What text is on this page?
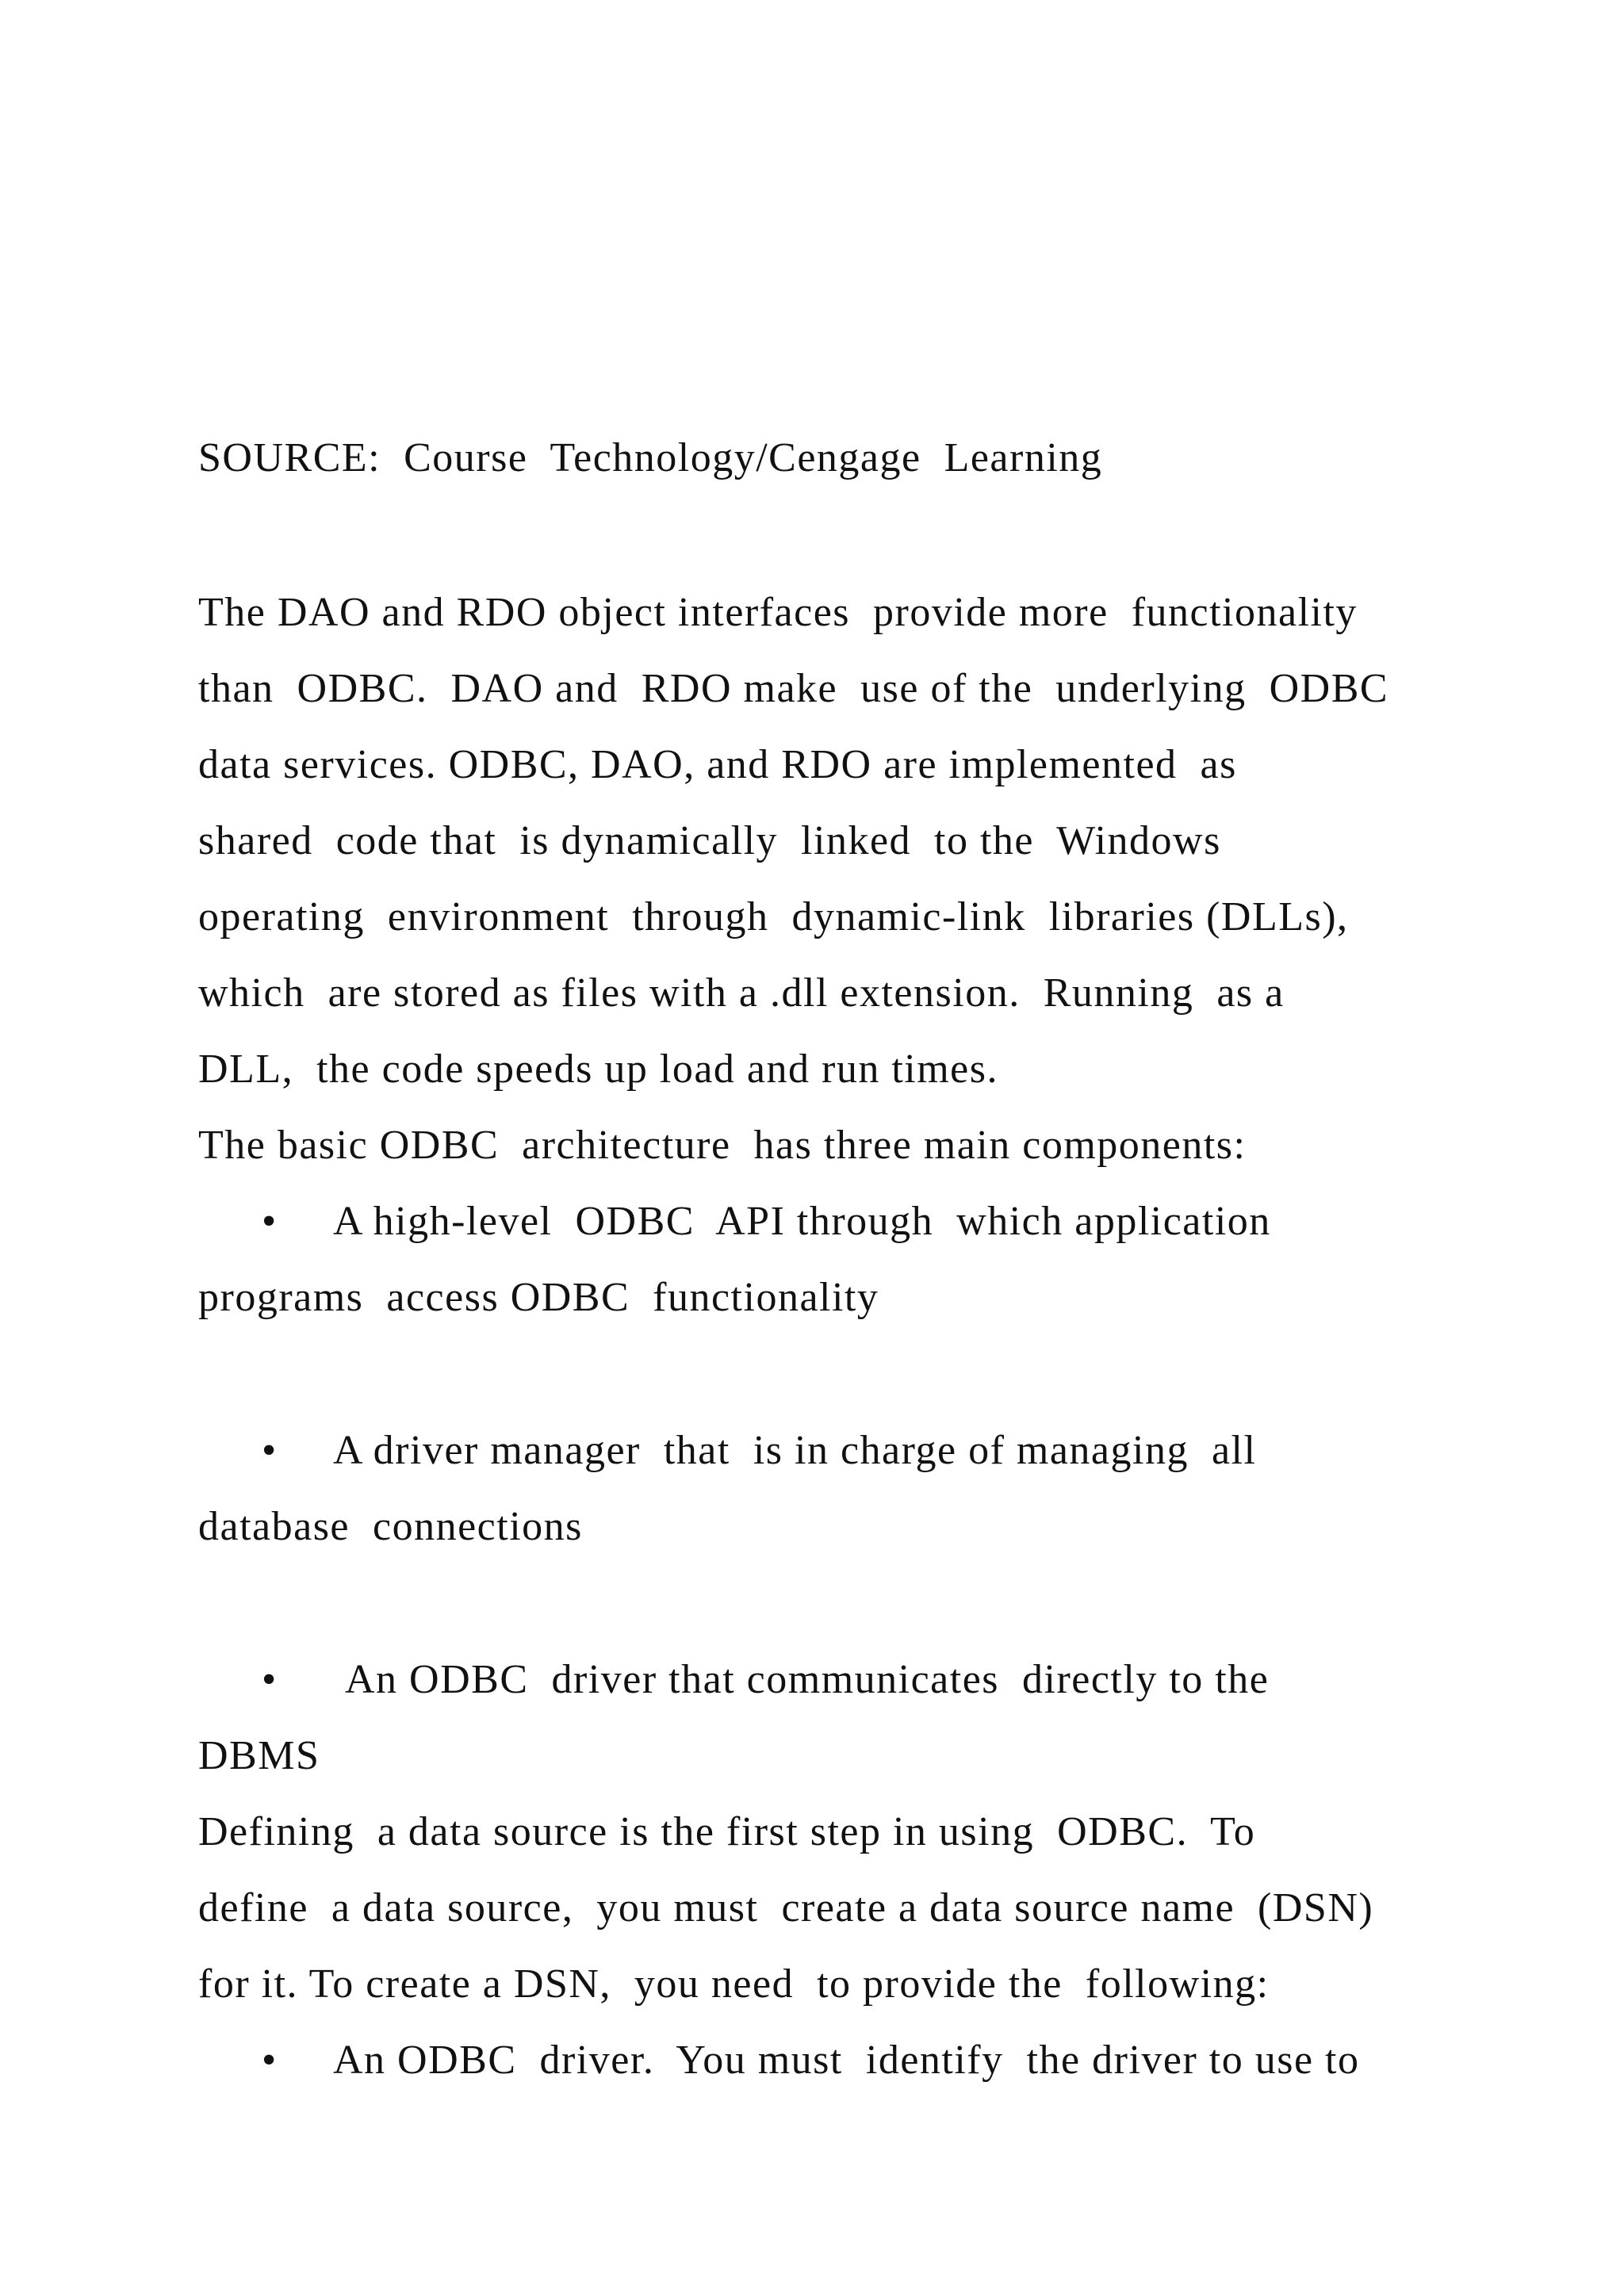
SOURCE:  Course  Technology/Cengage  Learning
The DAO and RDO object interfaces  provide more  functionality
than  ODBC.  DAO and  RDO make  use of the  underlying  ODBC
data services. ODBC, DAO, and RDO are implemented  as
shared  code that  is dynamically  linked  to the  Windows
operating  environment  through  dynamic-link  libraries (DLLs),
which  are stored as files with a .dll extension.  Running  as a
DLL,  the code speeds up load and run times.
The basic ODBC  architecture  has three main components:
• A high-level  ODBC  API through  which application
programs  access ODBC  functionality
• A driver manager  that  is in charge of managing  all
database  connections
• An ODBC  driver that communicates  directly to the
DBMS
Defining  a data source is the first step in using  ODBC.  To
define  a data source,  you must  create a data source name  (DSN)
for it. To create a DSN,  you need  to provide the  following:
• An ODBC  driver.  You must  identify  the driver to use to
